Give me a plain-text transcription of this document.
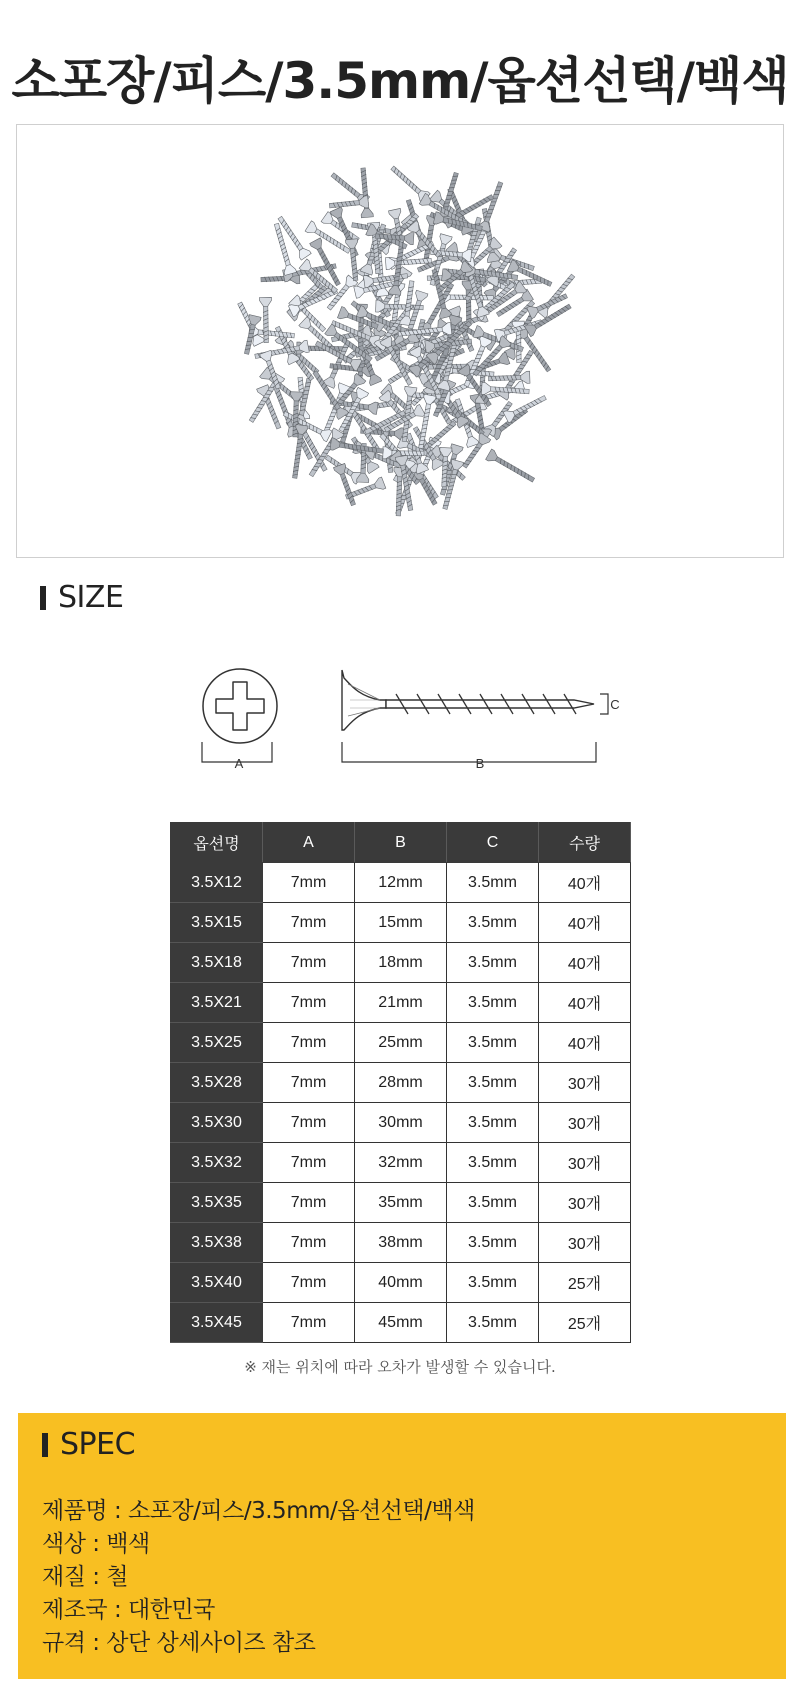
소포장/피스/3.5mm/옵션선택/백색
SIZE
A	B
C
옵션명	A	B	C	수량
3.5X12	7mm	12mm	3.5mm	40개
3.5X15	7mm	15mm	3.5mm	40개
3.5X18	7mm	18mm	3.5mm	40개
3.5X21	7mm	21mm	3.5mm	40개
3.5X25	7mm	25mm	3.5mm	40개
3.5X28	7mm	28mm	3.5mm	30개
3.5X30	7mm	30mm	3.5mm	30개
3.5X32	7mm	32mm	3.5mm	30개
3.5X35	7mm	35mm	3.5mm	30개
3.5X38	7mm	38mm	3.5mm	30개
3.5X40	7mm	40mm	3.5mm	25개
3.5X45	7mm	45mm	3.5mm	25개
※ 재는 위치에 따라 오차가 발생할 수 있습니다.
SPEC
제품명 : 소포장/피스/3.5mm/옵션선택/백색
색상 : 백색
재질 : 철
제조국 : 대한민국
규격 : 상단 상세사이즈 참조
